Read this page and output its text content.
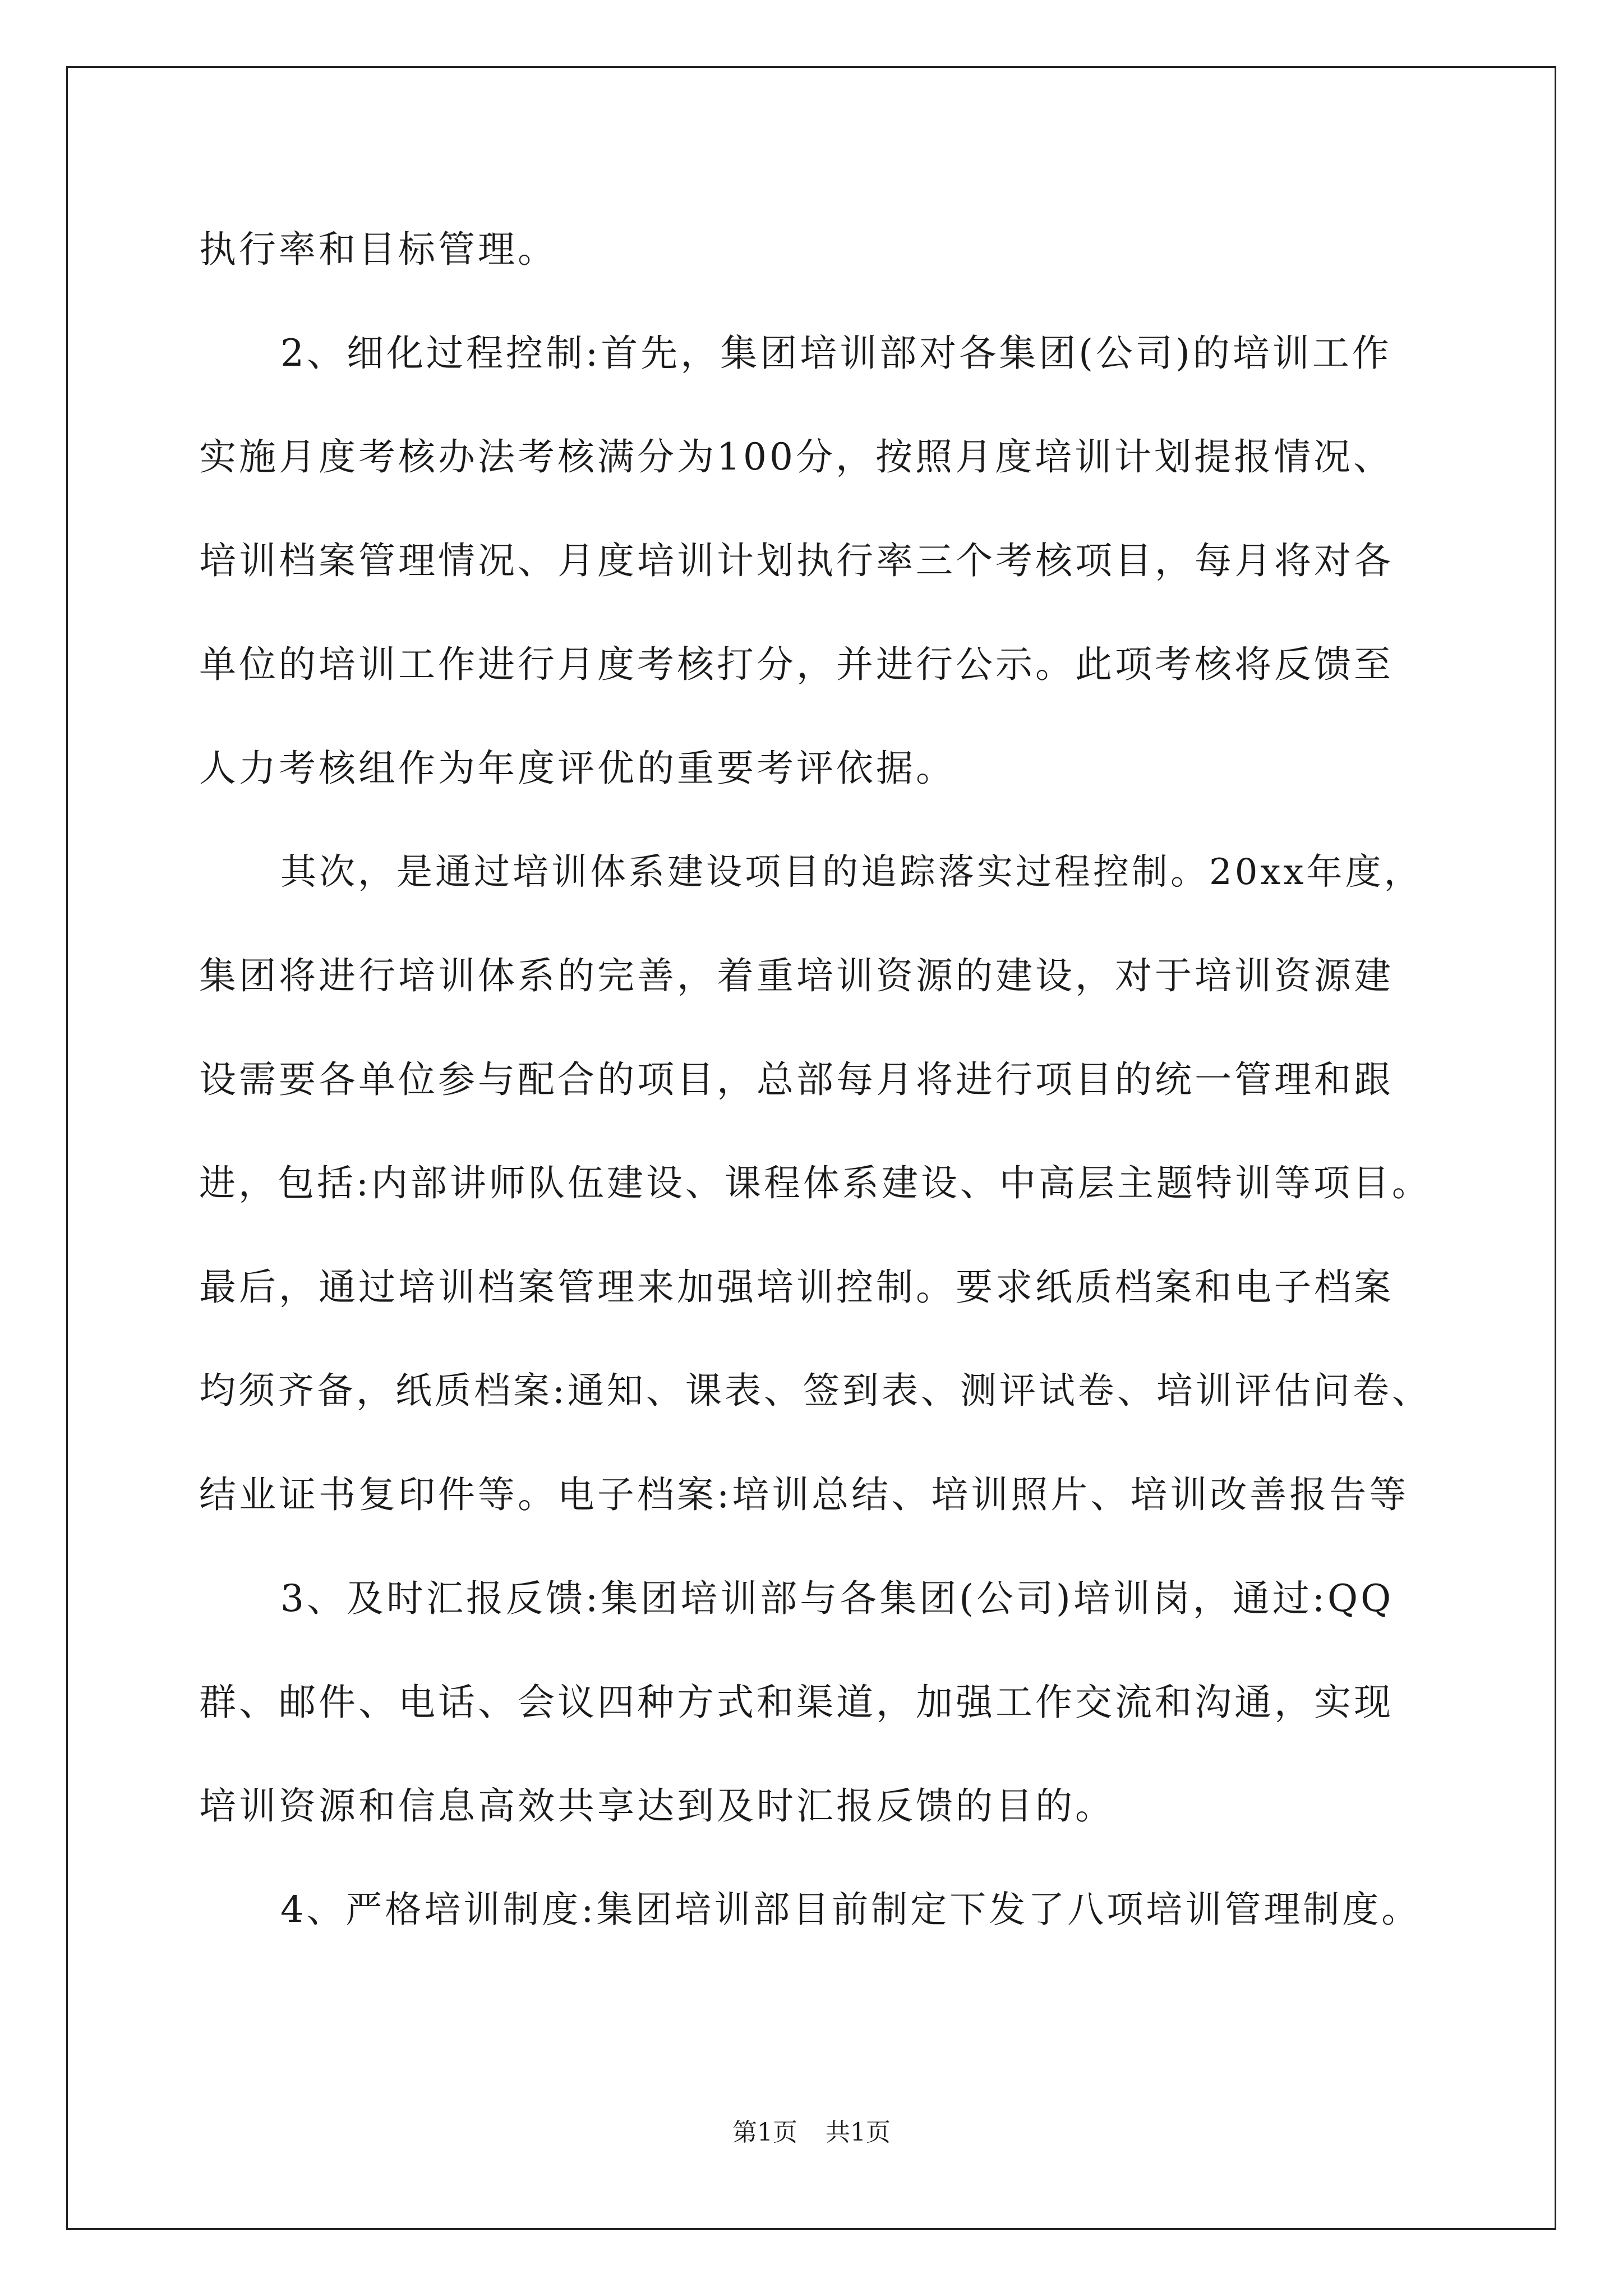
执行率和目标管理。
2、细化过程控制:首先，集团培训部对各集团(公司)的培训工作
实施月度考核办法考核满分为100分，按照月度培训计划提报情况、
培训档案管理情况、月度培训计划执行率三个考核项目，每月将对各
单位的培训工作进行月度考核打分，并进行公示。此项考核将反馈至
人力考核组作为年度评优的重要考评依据。
其次，是通过培训体系建设项目的追踪落实过程控制。20xx年度，
集团将进行培训体系的完善，着重培训资源的建设，对于培训资源建
设需要各单位参与配合的项目，总部每月将进行项目的统一管理和跟
进，包括:内部讲师队伍建设、课程体系建设、中高层主题特训等项目。
最后，通过培训档案管理来加强培训控制。要求纸质档案和电子档案
均须齐备，纸质档案:通知、课表、签到表、测评试卷、培训评估问卷、
结业证书复印件等。电子档案:培训总结、培训照片、培训改善报告等
3、及时汇报反馈:集团培训部与各集团(公司)培训岗，通过:QQ
群、邮件、电话、会议四种方式和渠道，加强工作交流和沟通，实现
培训资源和信息高效共享达到及时汇报反馈的目的。
4、严格培训制度:集团培训部目前制定下发了八项培训管理制度。
第1页 共1页
